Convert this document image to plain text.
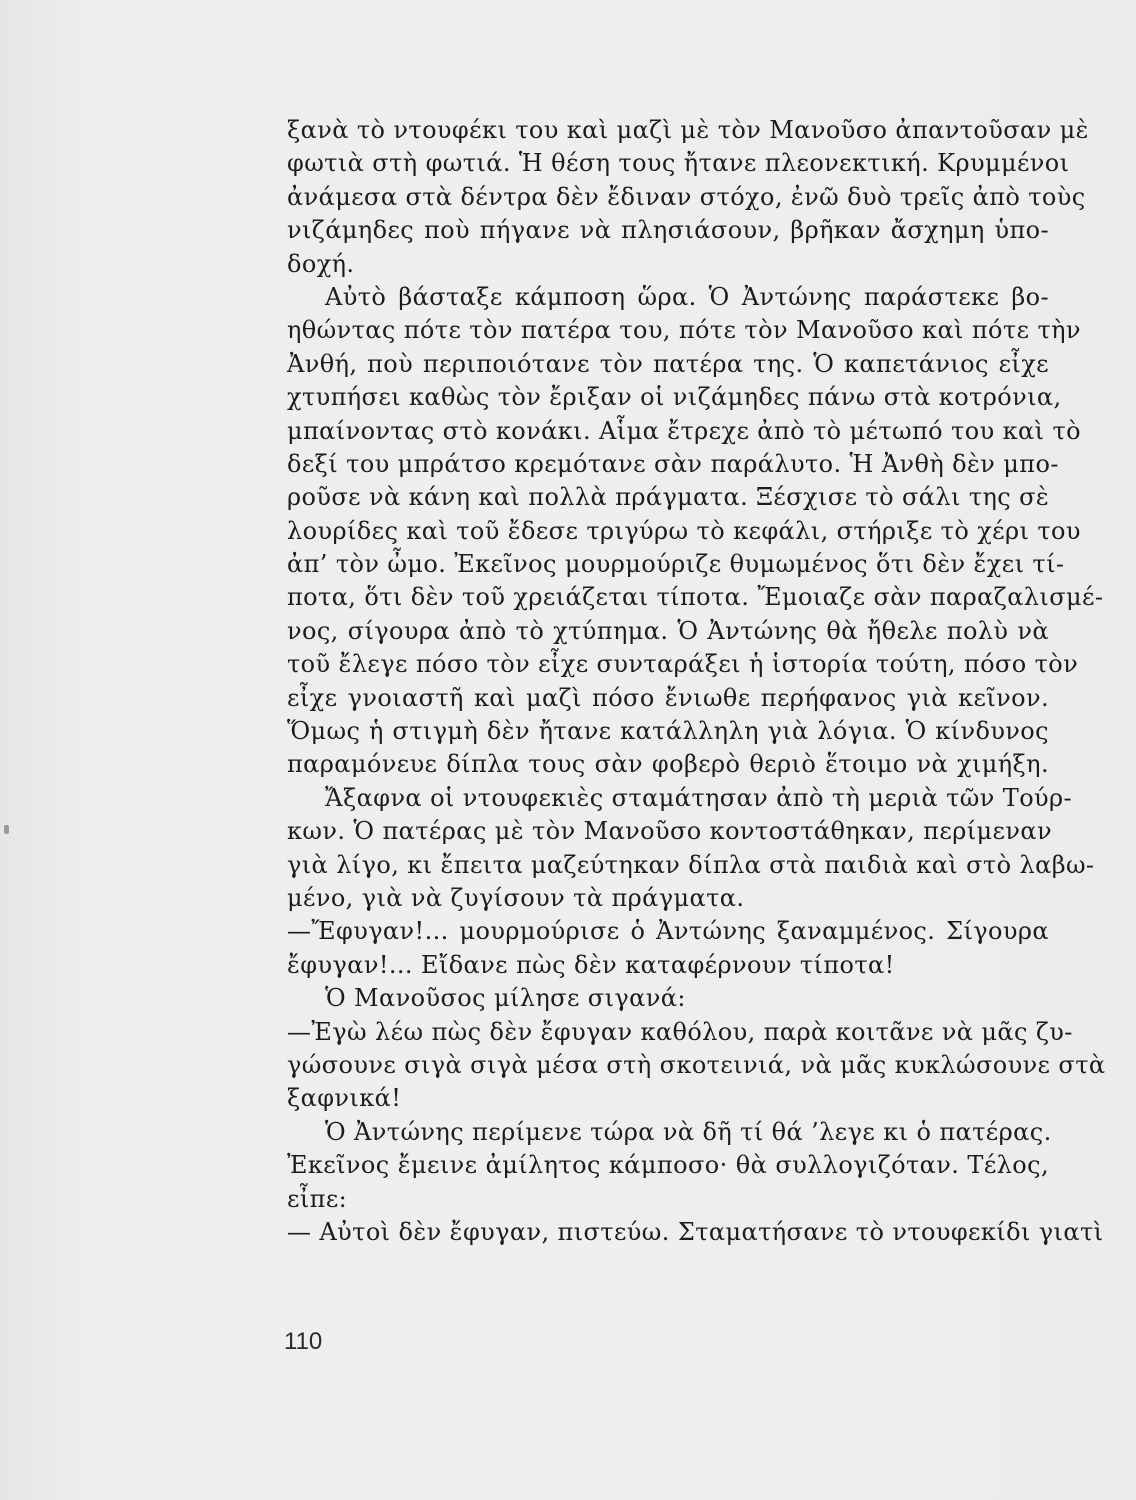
ξανὰ τὸ ντουφέκι του καὶ μαζὶ μὲ τὸν Μανοῦσο ἀπαντοῦσαν μὲ
φωτιὰ στὴ φωτιά. Ἡ θέση τους ἤτανε πλεονεκτική. Κρυμμένοι
ἀνάμεσα στὰ δέντρα δὲν ἔδιναν στόχο, ἐνῶ δυὸ τρεῖς ἀπὸ τοὺς
νιζάμηδες ποὺ πήγανε νὰ πλησιάσουν, βρῆκαν ἄσχημη ὑπο-
δοχή.
Αὐτὸ βάσταξε κάμποση ὥρα. Ὁ Ἀντώνης παράστεκε βο-
ηθώντας πότε τὸν πατέρα του, πότε τὸν Μανοῦσο καὶ πότε τὴν
Ἀνθή, ποὺ περιποιότανε τὸν πατέρα της. Ὁ καπετάνιος εἶχε
χτυπήσει καθὼς τὸν ἔριξαν οἱ νιζάμηδες πάνω στὰ κοτρόνια,
μπαίνοντας στὸ κονάκι. Αἷμα ἔτρεχε ἀπὸ τὸ μέτωπό του καὶ τὸ
δεξί του μπράτσο κρεμότανε σὰν παράλυτο. Ἡ Ἀνθὴ δὲν μπο-
ροῦσε νὰ κάνη καὶ πολλὰ πράγματα. Ξέσχισε τὸ σάλι της σὲ
λουρίδες καὶ τοῦ ἔδεσε τριγύρω τὸ κεφάλι, στήριξε τὸ χέρι του
ἀπ’ τὸν ὦμο. Ἐκεῖνος μουρμούριζε θυμωμένος ὅτι δὲν ἔχει τί-
ποτα, ὅτι δὲν τοῦ χρειάζεται τίποτα. Ἔμοιαζε σὰν παραζαλισμέ-
νος, σίγουρα ἀπὸ τὸ χτύπημα. Ὁ Ἀντώνης θὰ ἤθελε πολὺ νὰ
τοῦ ἔλεγε πόσο τὸν εἶχε συνταράξει ἡ ἱστορία τούτη, πόσο τὸν
εἶχε γνοιαστῆ καὶ μαζὶ πόσο ἔνιωθε περήφανος γιὰ κεῖνον.
Ὅμως ἡ στιγμὴ δὲν ἤτανε κατάλληλη γιὰ λόγια. Ὁ κίνδυνος
παραμόνευε δίπλα τους σὰν φοβερὸ θεριὸ ἕτοιμο νὰ χιμήξη.
Ἄξαφνα οἱ ντουφεκιὲς σταμάτησαν ἀπὸ τὴ μεριὰ τῶν Τούρ-
κων. Ὁ πατέρας μὲ τὸν Μανοῦσο κοντοστάθηκαν, περίμεναν
γιὰ λίγο, κι ἔπειτα μαζεύτηκαν δίπλα στὰ παιδιὰ καὶ στὸ λαβω-
μένο, γιὰ νὰ ζυγίσουν τὰ πράγματα.
—Ἔφυγαν!... μουρμούρισε ὁ Ἀντώνης ξαναμμένος. Σίγουρα
ἔφυγαν!... Εἴδανε πὼς δὲν καταφέρνουν τίποτα!
Ὁ Μανοῦσος μίλησε σιγανά:
—Ἐγὼ λέω πὼς δὲν ἔφυγαν καθόλου, παρὰ κοιτᾶνε νὰ μᾶς ζυ-
γώσουνε σιγὰ σιγὰ μέσα στὴ σκοτεινιά, νὰ μᾶς κυκλώσουνε στὰ
ξαφνικά!
Ὁ Ἀντώνης περίμενε τώρα νὰ δῆ τί θά ’λεγε κι ὁ πατέρας.
Ἐκεῖνος ἔμεινε ἀμίλητος κάμποσο· θὰ συλλογιζόταν. Τέλος,
εἶπε:
— Αὐτοὶ δὲν ἔφυγαν, πιστεύω. Σταματήσανε τὸ ντουφεκίδι γιατὶ
110
